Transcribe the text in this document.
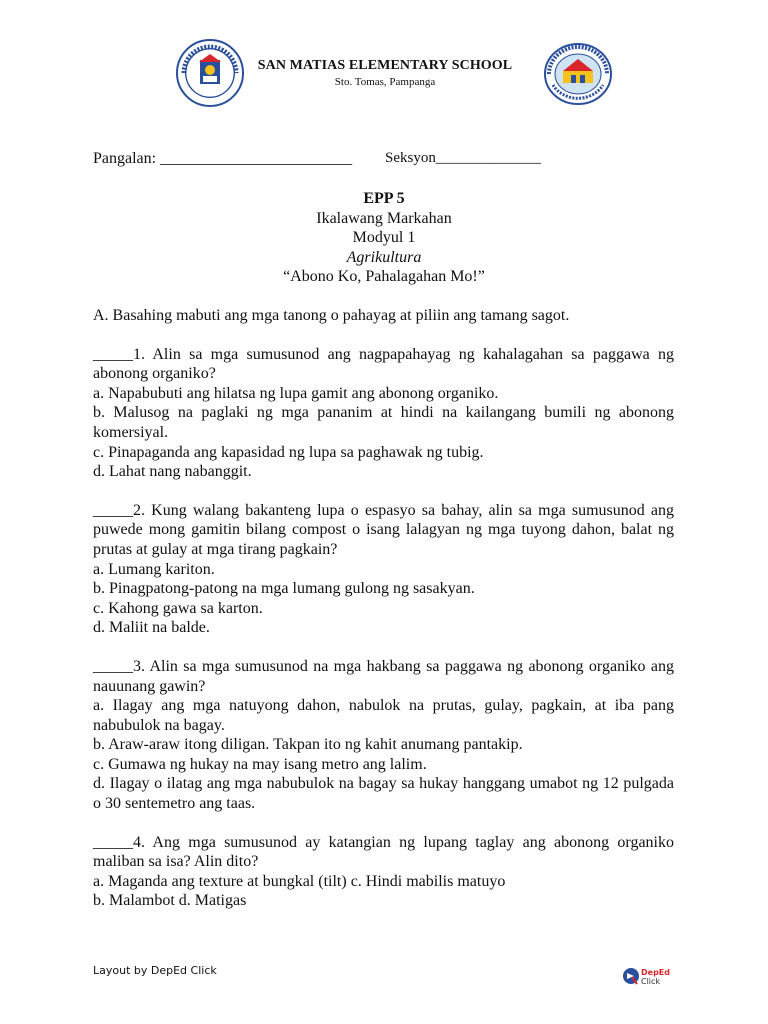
SAN MATIAS ELEMENTARY SCHOOL
Sto. Tomas, Pampanga
Pangalan: ________________________ Seksyon______________
EPP 5
Ikalawang Markahan
Modyul 1
Agrikultura
“Abono Ko, Pahalagahan Mo!”

A. Basahing mabuti ang mga tanong o pahayag at piliin ang tamang sagot.

_____1. Alin sa mga sumusunod ang nagpapahayag ng kahalagahan sa paggawa ng abonong organiko?

a. Napabubuti ang hilatsa ng lupa gamit ang abonong organiko.

b. Malusog na paglaki ng mga pananim at hindi na kailangang bumili ng abonong komersiyal.

c. Pinapaganda ang kapasidad ng lupa sa paghawak ng tubig.

d. Lahat nang nabanggit.

_____2. Kung walang bakanteng lupa o espasyo sa bahay, alin sa mga sumusunod ang puwede mong gamitin bilang compost o isang lalagyan ng mga tuyong dahon, balat ng prutas at gulay at mga tirang pagkain?

a. Lumang kariton.

b. Pinagpatong-patong na mga lumang gulong ng sasakyan.

c. Kahong gawa sa karton.

d. Maliit na balde.

_____3. Alin sa mga sumusunod na mga hakbang sa paggawa ng abonong organiko ang nauunang gawin?

a. Ilagay ang mga natuyong dahon, nabulok na prutas, gulay, pagkain, at iba pang nabubulok na bagay.

b. Araw-araw itong diligan. Takpan ito ng kahit anumang pantakip.

c. Gumawa ng hukay na may isang metro ang lalim.

d. Ilagay o ilatag ang mga nabubulok na bagay sa hukay hanggang umabot ng 12 pulgada o 30 sentemetro ang taas.

_____4. Ang mga sumusunod ay katangian ng lupang taglay ang abonong organiko maliban sa isa? Alin dito?

a. Maganda ang texture at bungkal (tilt) c. Hindi mabilis matuyo

b. Malambot d. Matigas

Layout by DepEd Click	DepEd
Click
